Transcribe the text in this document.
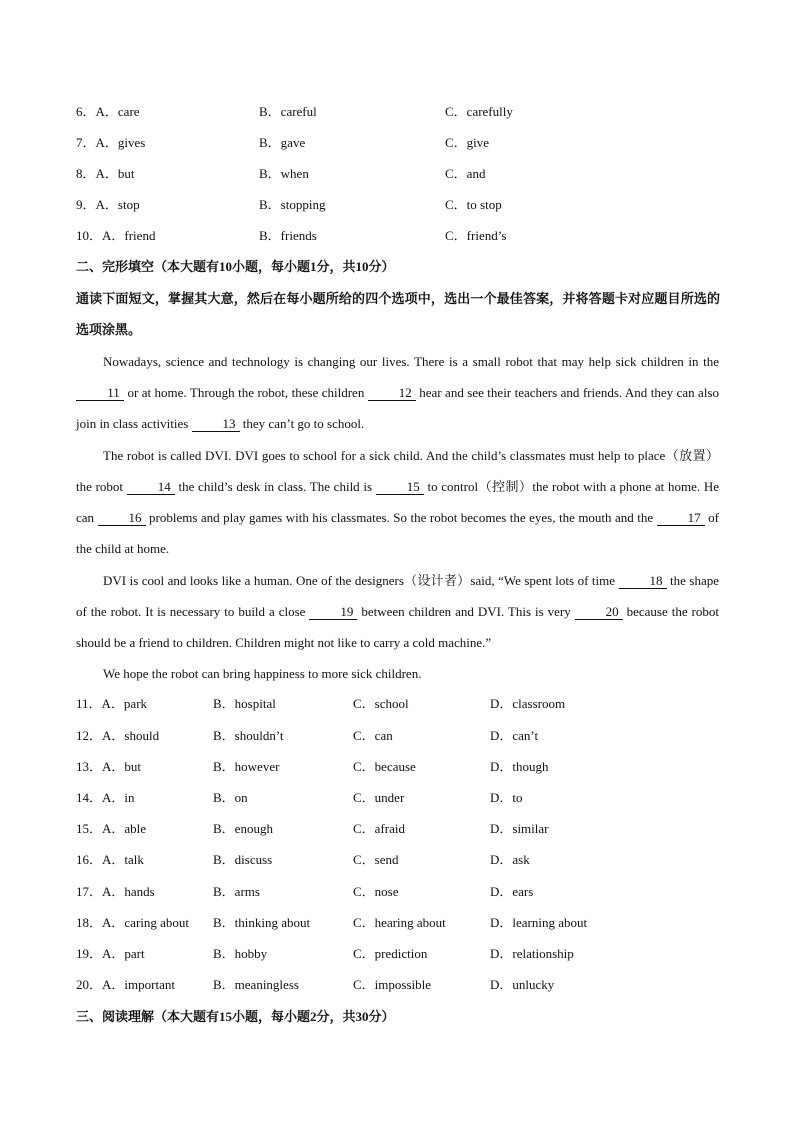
6．A．care	B．careful	C．carefully
7．A．gives	B．gave	C．give
8．A．but	B．when	C．and
9．A．stop	B．stopping	C．to stop
10．A．friend	B．friends	C．friend’s
二、完形填空（本大题有10小题，每小题1分，共10分）
通读下面短文，掌握其大意，然后在每小题所给的四个选项中，选出一个最佳答案，并将答题卡对应题目所选的选项涂黑。
Nowadays, science and technology is changing our lives. There is a small robot that may help sick children in the 11 or at home. Through the robot, these children 12 hear and see their teachers and friends. And they can also join in class activities 13 they can’t go to school.
The robot is called DVI. DVI goes to school for a sick child. And the child’s classmates must help to place（放置）the robot 14 the child’s desk in class. The child is 15 to control（控制）the robot with a phone at home. He can 16 problems and play games with his classmates. So the robot becomes the eyes, the mouth and the 17 of the child at home.
DVI is cool and looks like a human. One of the designers（设计者）said, “We spent lots of time 18 the shape of the robot. It is necessary to build a close 19 between children and DVI. This is very 20 because the robot should be a friend to children. Children might not like to carry a cold machine.”
We hope the robot can bring happiness to more sick children.
11．A．park	B．hospital	C．school	D．classroom
12．A．should	B．shouldn’t	C．can	D．can’t
13．A．but	B．however	C．because	D．though
14．A．in	B．on	C．under	D．to
15．A．able	B．enough	C．afraid	D．similar
16．A．talk	B．discuss	C．send	D．ask
17．A．hands	B．arms	C．nose	D．ears
18．A．caring about B．thinking about	C．hearing about	D．learning about
19．A．part	B．hobby	C．prediction	D．relationship
20．A．important	B．meaningless	C．impossible	D．unlucky
三、阅读理解（本大题有15小题，每小题2分，共30分）
